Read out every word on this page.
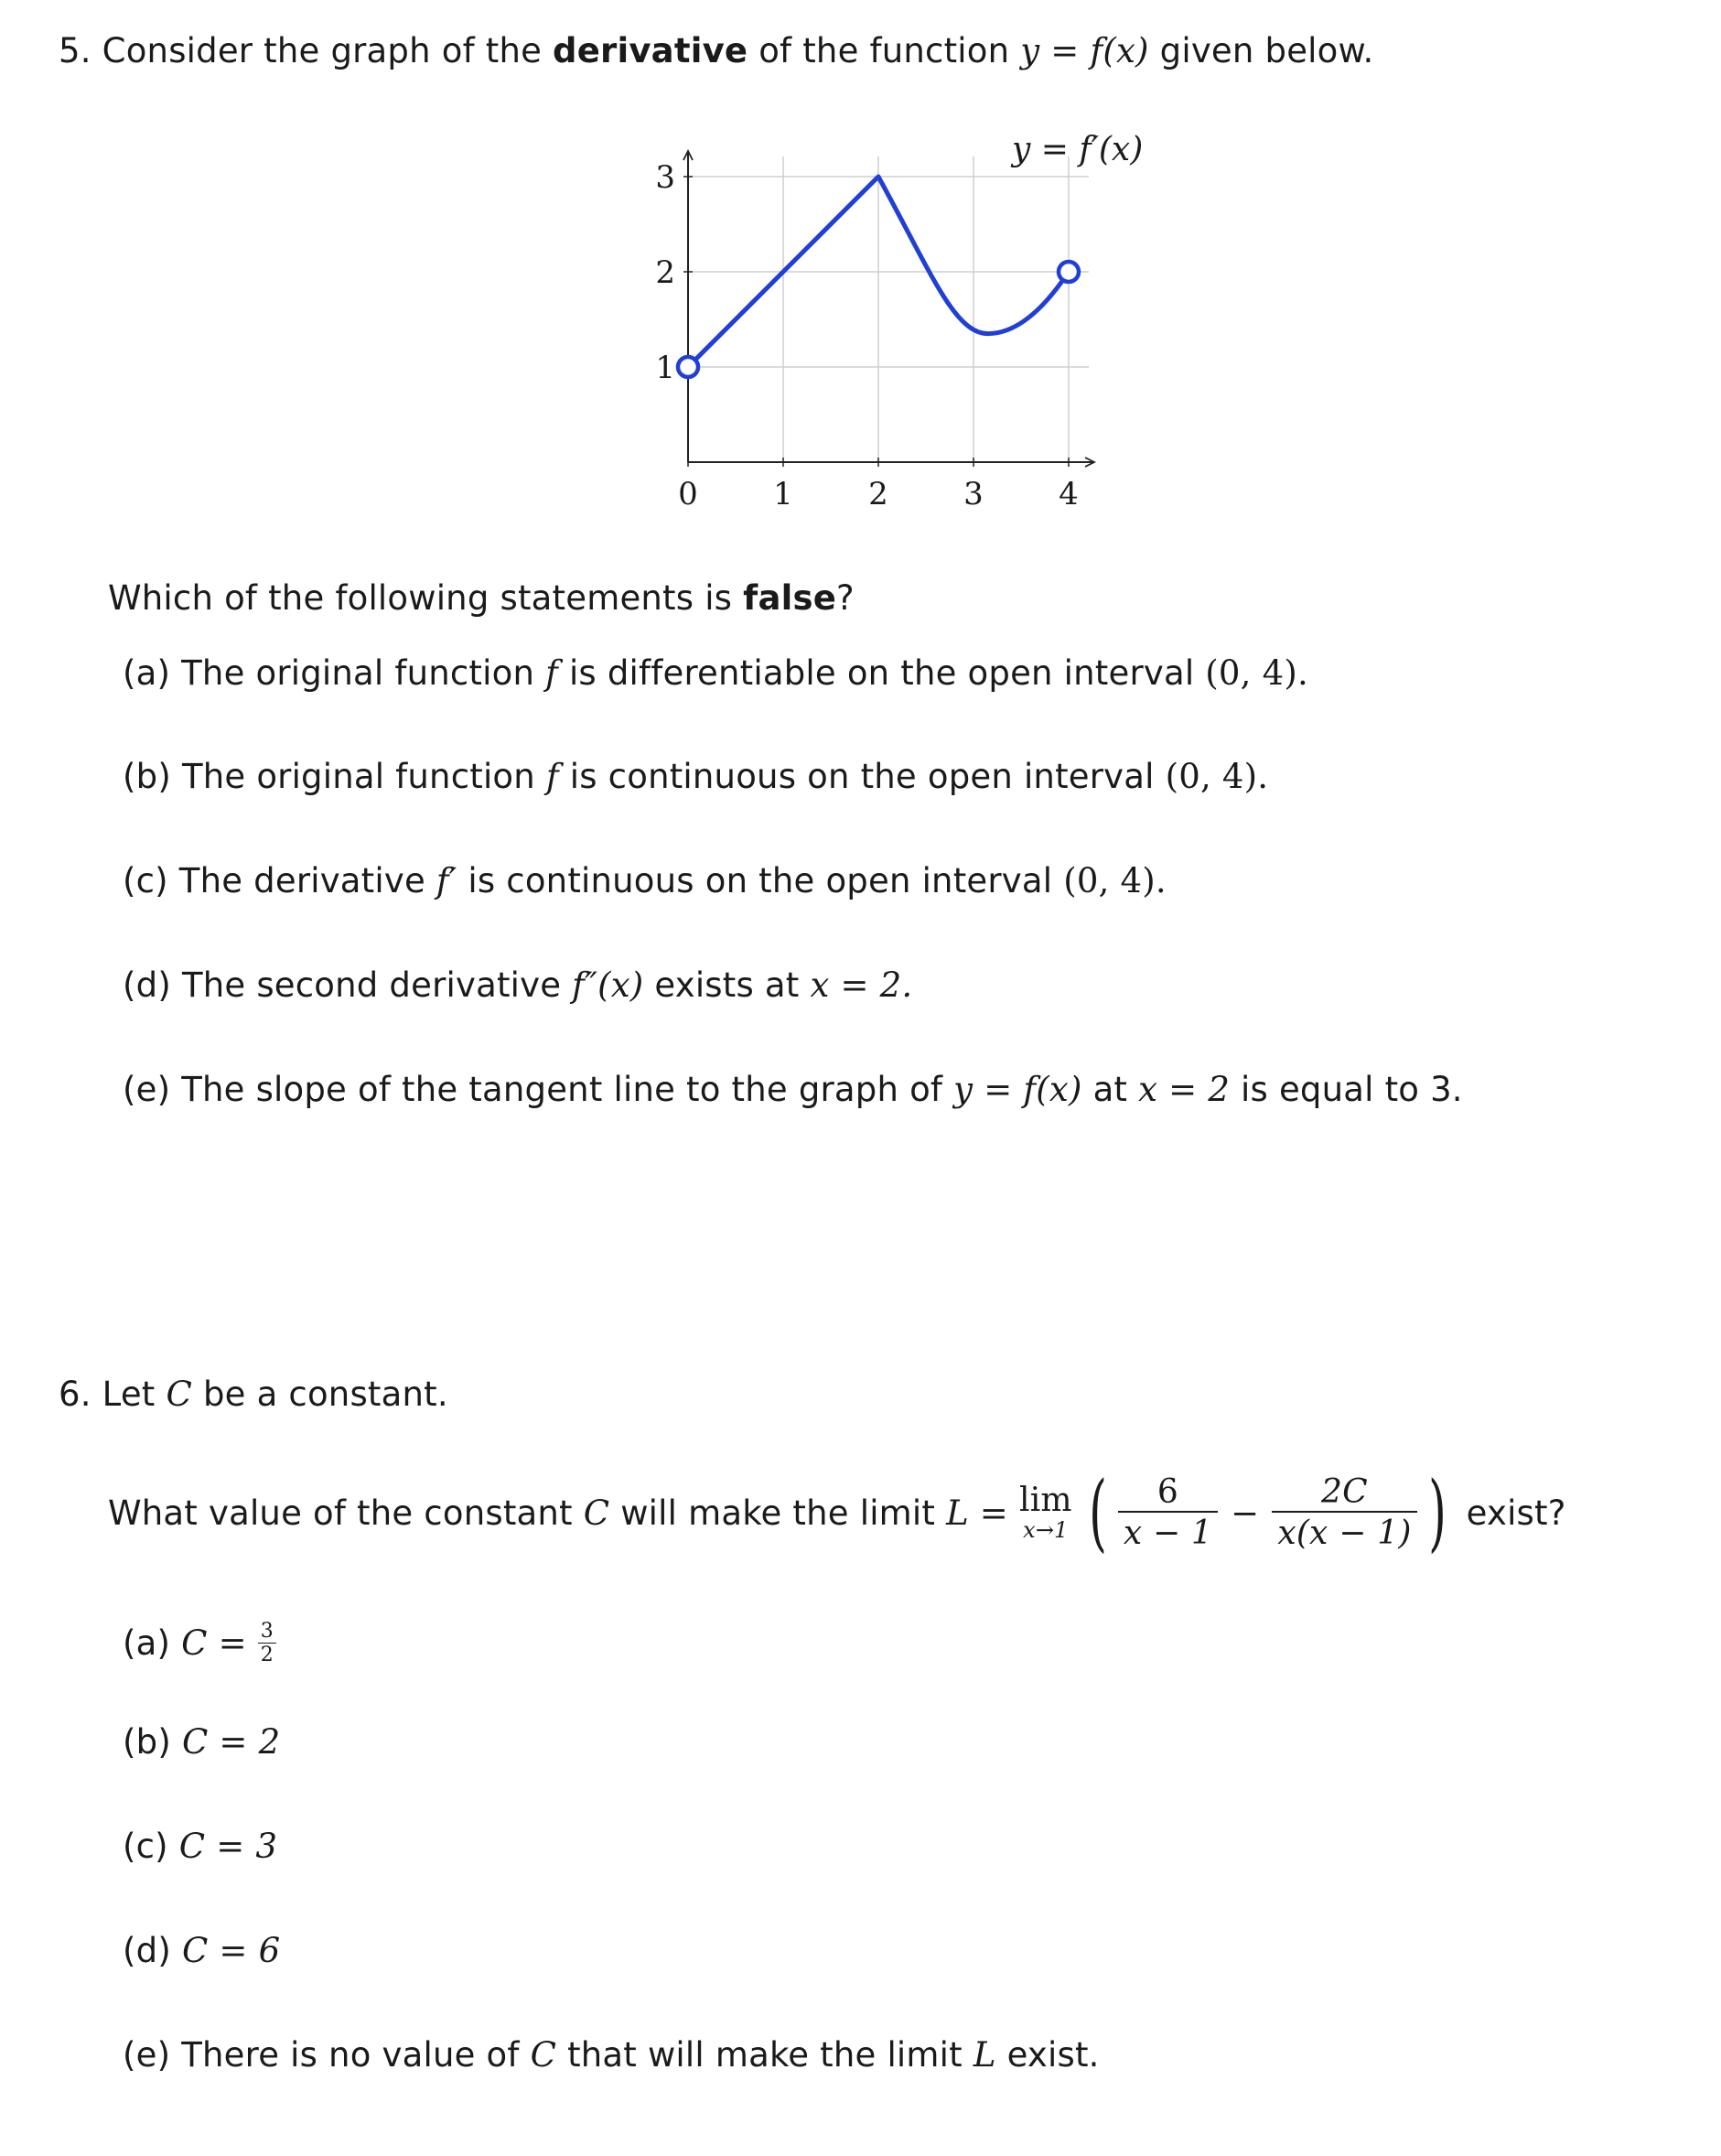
5. Consider the graph of the derivative of the function y = f(x) given below.
0 1 2 3 4
1
2
3
y = f′(x)
Which of the following statements is false?
(a) The original function f is differentiable on the open interval (0, 4).
(b) The original function f is continuous on the open interval (0, 4).
(c) The derivative f′ is continuous on the open interval (0, 4).
(d) The second derivative f″(x) exists at x = 2.
(e) The slope of the tangent line to the graph of y = f(x) at x = 2 is equal to 3.
6. Let C be a constant.
What value of the constant
C
will make the limit
L =
lim
x→1 ( $\frac{6}{x - 1} - \frac{2C}{x(x - 1)}$ ) exist?
(a)
C =
$\frac{3}{2}$
(b) C = 2
(c) C = 3
(d) C = 6
(e) There is no value of C that will make the limit L exist.
